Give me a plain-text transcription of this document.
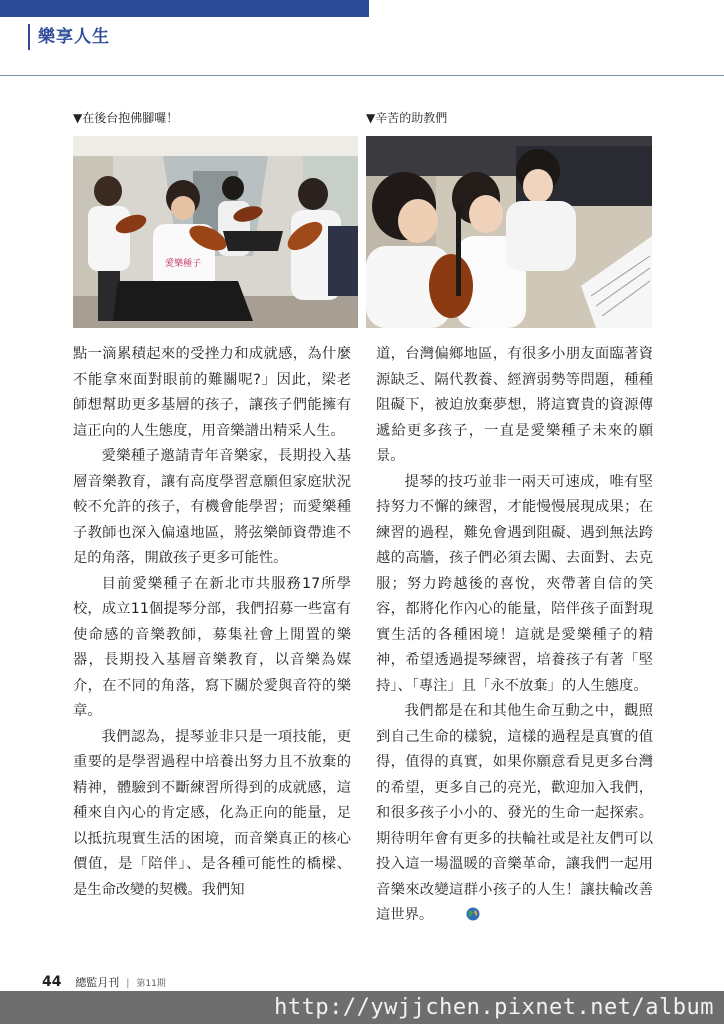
樂享人生
▼在後台抱佛腳囉！	▼辛苦的助教們
愛樂種子

點一滴累積起來的受挫力和成就感，為什麼不能拿來面對眼前的難關呢?」因此，梁老師想幫助更多基層的孩子，讓孩子們能擁有這正向的人生態度，用音樂譜出精采人生。

愛樂種子邀請青年音樂家，長期投入基層音樂教育，讓有高度學習意願但家庭狀況較不允許的孩子，有機會能學習；而愛樂種子教師也深入偏遠地區，將弦樂師資帶進不足的角落，開啟孩子更多可能性。

目前愛樂種子在新北市共服務17所學校，成立11個提琴分部，我們招募一些富有使命感的音樂教師，募集社會上閒置的樂器，長期投入基層音樂教育，以音樂為媒介，在不同的角落，寫下關於愛與音符的樂章。

我們認為，提琴並非只是一項技能，更重要的是學習過程中培養出努力且不放棄的精神，體驗到不斷練習所得到的成就感，這種來自內心的肯定感，化為正向的能量，足以抵抗現實生活的困境，而音樂真正的核心價值，是「陪伴」、是各種可能性的橋樑、是生命改變的契機。我們知

道，台灣偏鄉地區，有很多小朋友面臨著資源缺乏、隔代教養、經濟弱勢等問題，種種阻礙下，被迫放棄夢想，將這寶貴的資源傳遞給更多孩子，一直是愛樂種子未來的願景。

提琴的技巧並非一兩天可速成，唯有堅持努力不懈的練習，才能慢慢展現成果；在練習的過程，難免會遇到阻礙、遇到無法跨越的高牆，孩子們必須去闖、去面對、去克服；努力跨越後的喜悅，夾帶著自信的笑容，都將化作內心的能量，陪伴孩子面對現實生活的各種困境！這就是愛樂種子的精神，希望透過提琴練習，培養孩子有著「堅持」、「專注」且「永不放棄」的人生態度。

我們都是在和其他生命互動之中，觀照到自己生命的樣貌，這樣的過程是真實的值得，值得的真實，如果你願意看見更多台灣的希望，更多自己的亮光，歡迎加入我們，和很多孩子小小的、發光的生命一起探索。期待明年會有更多的扶輪社或是社友們可以投入這一場溫暖的音樂革命，讓我們一起用音樂來改變這群小孩子的人生！讓扶輪改善這世界。

44 總監月刊 | 第11期
http://ywjjchen.pixnet.net/album
